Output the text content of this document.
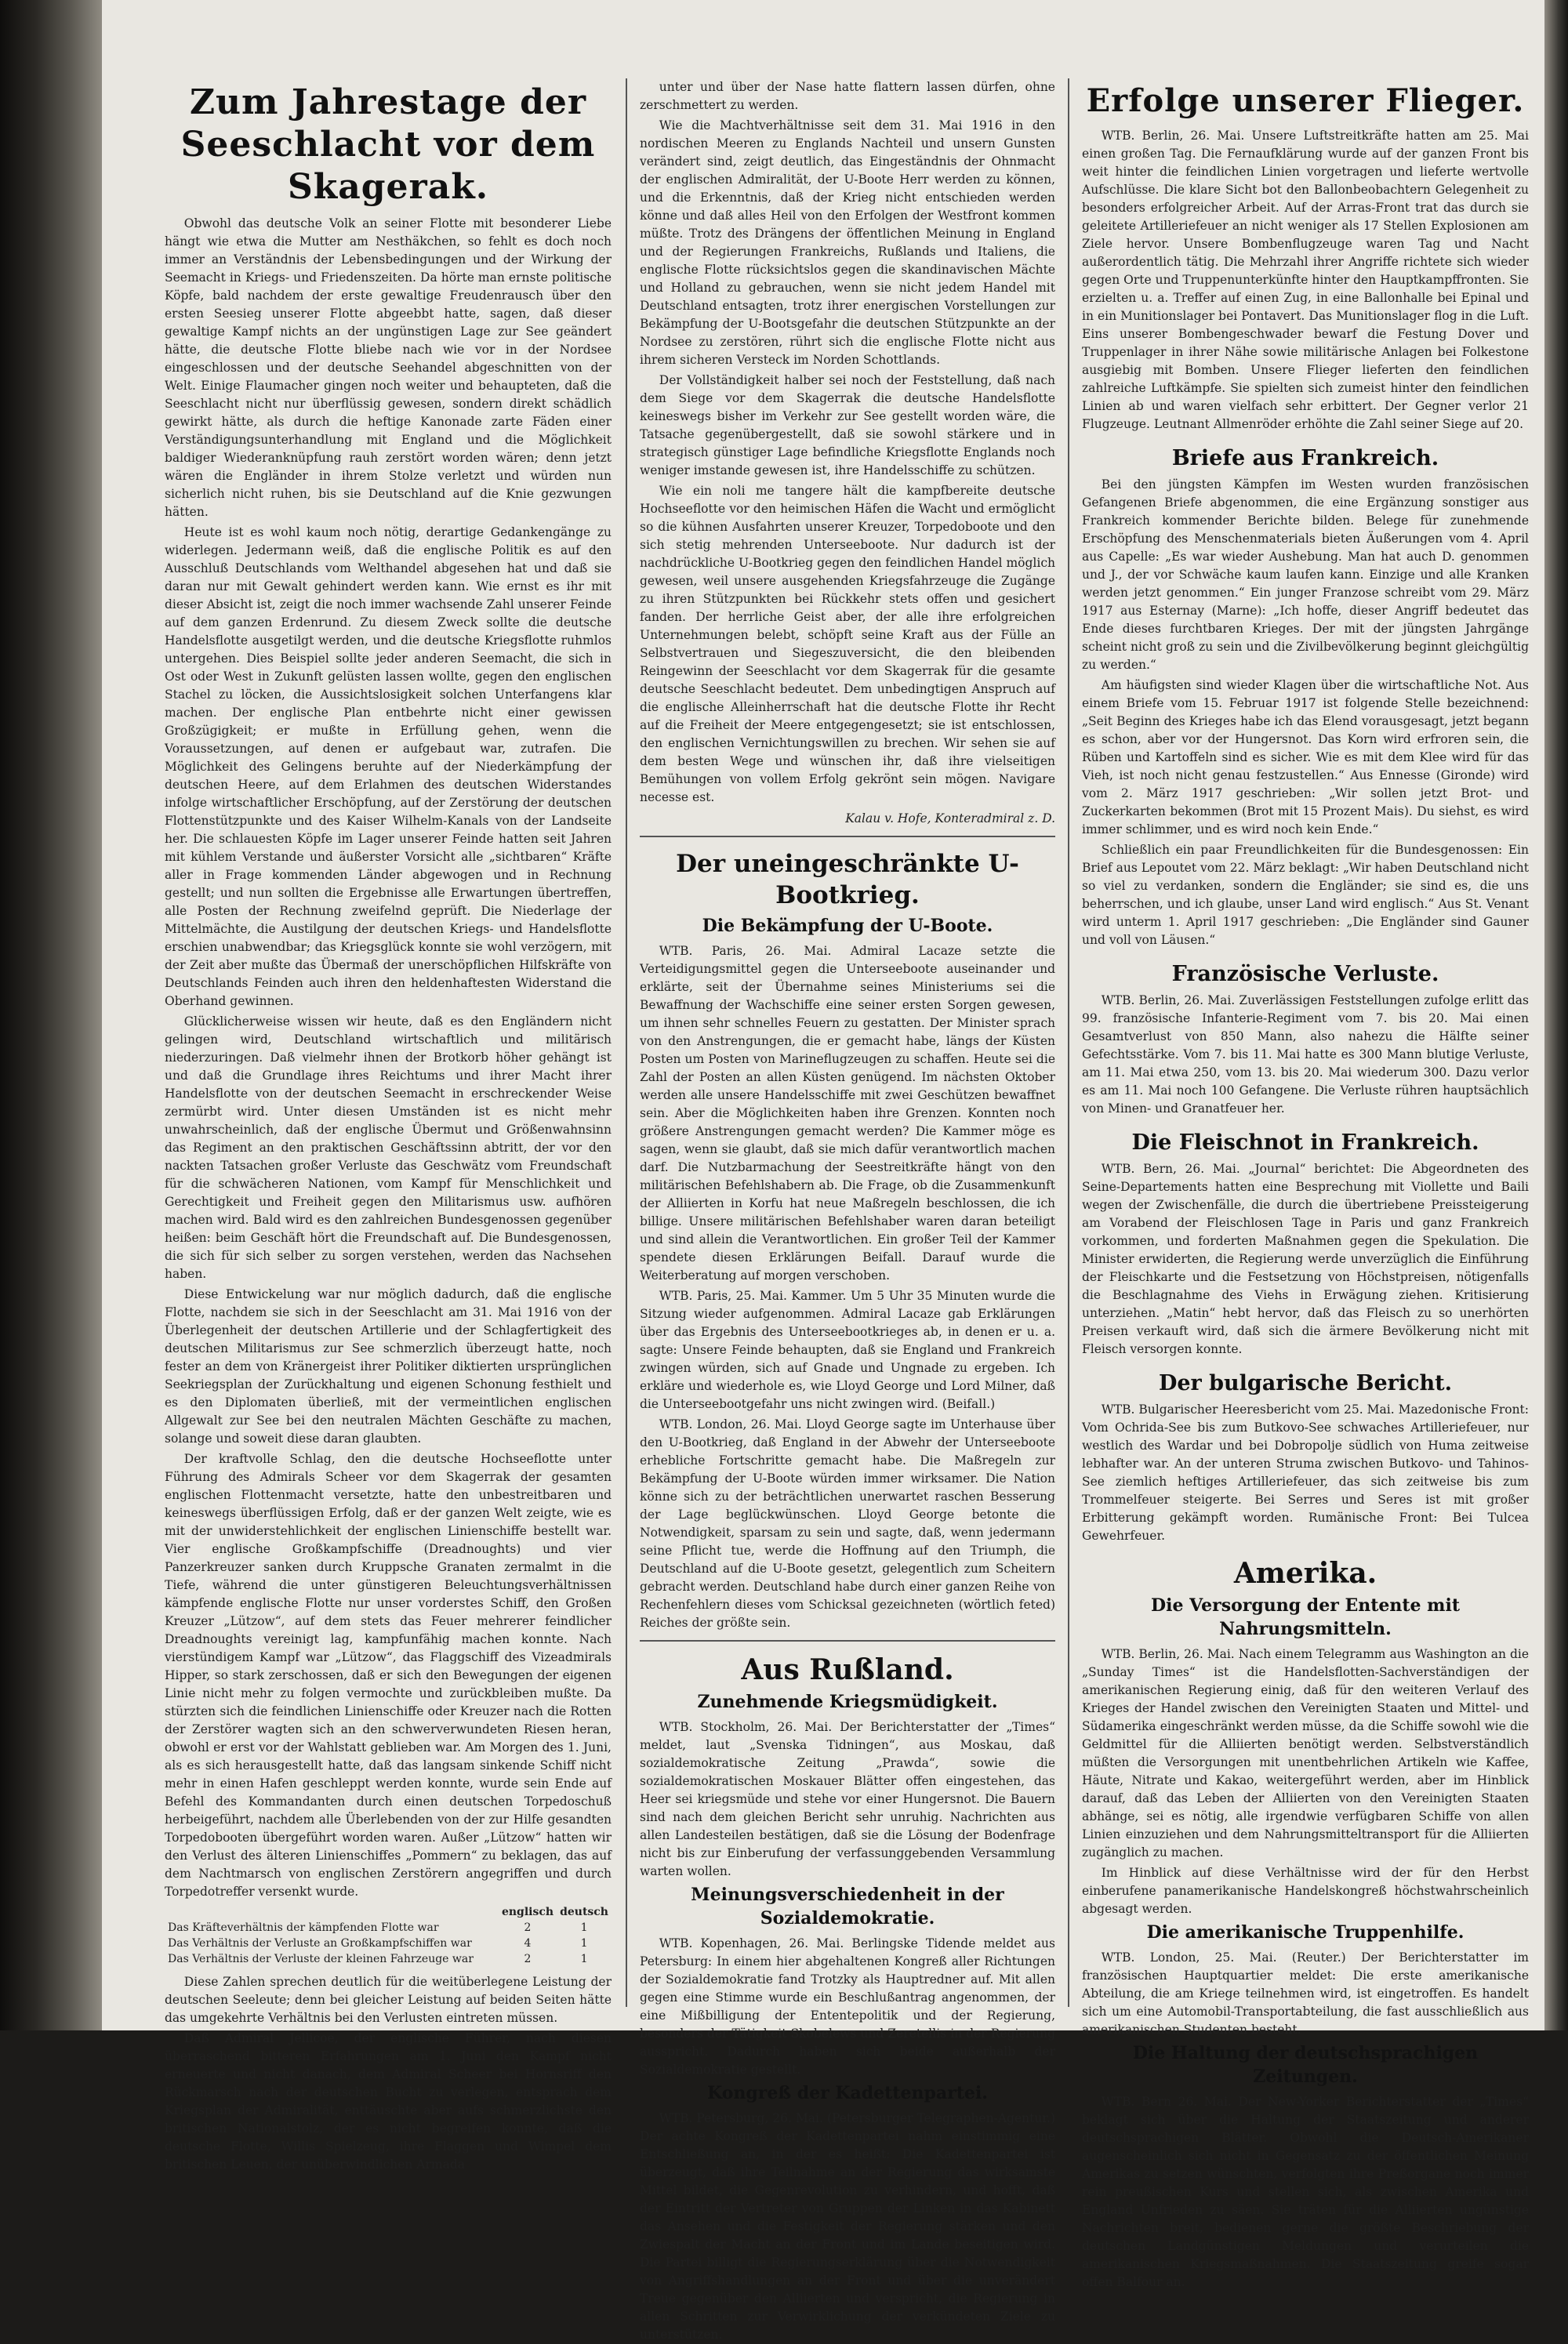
Zum Jahrestage der Seeschlacht vor dem Skagerak.

Obwohl das deutsche Volk an seiner Flotte mit besonderer Liebe hängt wie etwa die Mutter am Nesthäkchen, so fehlt es doch noch immer an Verständnis der Lebensbedingungen und der Wirkung der Seemacht in Kriegs- und Friedenszeiten. Da hörte man ernste politische Köpfe, bald nachdem der erste gewaltige Freudenrausch über den ersten Seesieg unserer Flotte abgeebbt hatte, sagen, daß dieser gewaltige Kampf nichts an der ungünstigen Lage zur See geändert hätte, die deutsche Flotte bliebe nach wie vor in der Nordsee eingeschlossen und der deutsche Seehandel abgeschnitten von der Welt. Einige Flaumacher gingen noch weiter und behaupteten, daß die Seeschlacht nicht nur überflüssig gewesen, sondern direkt schädlich gewirkt hätte, als durch die heftige Kanonade zarte Fäden einer Verständigungsunterhandlung mit England und die Möglichkeit baldiger Wiederanknüpfung rauh zerstört worden wären; denn jetzt wären die Engländer in ihrem Stolze verletzt und würden nun sicherlich nicht ruhen, bis sie Deutschland auf die Knie gezwungen hätten.

Heute ist es wohl kaum noch nötig, derartige Gedankengänge zu widerlegen. Jedermann weiß, daß die englische Politik es auf den Ausschluß Deutschlands vom Welthandel abgesehen hat und daß sie daran nur mit Gewalt gehindert werden kann. Wie ernst es ihr mit dieser Absicht ist, zeigt die noch immer wachsende Zahl unserer Feinde auf dem ganzen Erdenrund. Zu diesem Zweck sollte die deutsche Handelsflotte ausgetilgt werden, und die deutsche Kriegsflotte ruhmlos untergehen. Dies Beispiel sollte jeder anderen Seemacht, die sich in Ost oder West in Zukunft gelüsten lassen wollte, gegen den englischen Stachel zu löcken, die Aussichtslosigkeit solchen Unterfangens klar machen. Der englische Plan entbehrte nicht einer gewissen Großzügigkeit; er mußte in Erfüllung gehen, wenn die Voraussetzungen, auf denen er aufgebaut war, zutrafen. Die Möglichkeit des Gelingens beruhte auf der Niederkämpfung der deutschen Heere, auf dem Erlahmen des deutschen Widerstandes infolge wirtschaftlicher Erschöpfung, auf der Zerstörung der deutschen Flottenstützpunkte und des Kaiser Wilhelm-Kanals von der Landseite her. Die schlauesten Köpfe im Lager unserer Feinde hatten seit Jahren mit kühlem Verstande und äußerster Vorsicht alle „sichtbaren“ Kräfte aller in Frage kommenden Länder abgewogen und in Rechnung gestellt; und nun sollten die Ergebnisse alle Erwartungen übertreffen, alle Posten der Rechnung zweifelnd geprüft. Die Niederlage der Mittelmächte, die Austilgung der deutschen Kriegs- und Handelsflotte erschien unabwendbar; das Kriegsglück konnte sie wohl verzögern, mit der Zeit aber mußte das Übermaß der unerschöpflichen Hilfskräfte von Deutschlands Feinden auch ihren den heldenhaftesten Widerstand die Oberhand gewinnen.

Glücklicherweise wissen wir heute, daß es den Engländern nicht gelingen wird, Deutschland wirtschaftlich und militärisch niederzuringen. Daß vielmehr ihnen der Brotkorb höher gehängt ist und daß die Grundlage ihres Reichtums und ihrer Macht ihrer Handelsflotte von der deutschen Seemacht in erschreckender Weise zermürbt wird. Unter diesen Umständen ist es nicht mehr unwahrscheinlich, daß der englische Übermut und Größenwahnsinn das Regiment an den praktischen Geschäftssinn abtritt, der vor den nackten Tatsachen großer Verluste das Geschwätz vom Freundschaft für die schwächeren Nationen, vom Kampf für Menschlichkeit und Gerechtigkeit und Freiheit gegen den Militarismus usw. aufhören machen wird. Bald wird es den zahlreichen Bundesgenossen gegenüber heißen: beim Geschäft hört die Freundschaft auf. Die Bundesgenossen, die sich für sich selber zu sorgen verstehen, werden das Nachsehen haben.

Diese Entwickelung war nur möglich dadurch, daß die englische Flotte, nachdem sie sich in der Seeschlacht am 31. Mai 1916 von der Überlegenheit der deutschen Artillerie und der Schlagfertigkeit des deutschen Militarismus zur See schmerzlich überzeugt hatte, noch fester an dem von Kränergeist ihrer Politiker diktierten ursprünglichen Seekriegsplan der Zurückhaltung und eigenen Schonung festhielt und es den Diplomaten überließ, mit der vermeintlichen englischen Allgewalt zur See bei den neutralen Mächten Geschäfte zu machen, solange und soweit diese daran glaubten.

Der kraftvolle Schlag, den die deutsche Hochseeflotte unter Führung des Admirals Scheer vor dem Skagerrak der gesamten englischen Flottenmacht versetzte, hatte den unbestreitbaren und keineswegs überflüssigen Erfolg, daß er der ganzen Welt zeigte, wie es mit der unwiderstehlichkeit der englischen Linienschiffe bestellt war. Vier englische Großkampfschiffe (Dreadnoughts) und vier Panzerkreuzer sanken durch Kruppsche Granaten zermalmt in die Tiefe, während die unter günstigeren Beleuchtungsverhältnissen kämpfende englische Flotte nur unser vorderstes Schiff, den Großen Kreuzer „Lützow“, auf dem stets das Feuer mehrerer feindlicher Dreadnoughts vereinigt lag, kampfunfähig machen konnte. Nach vierstündigem Kampf war „Lützow“, das Flaggschiff des Vizeadmirals Hipper, so stark zerschossen, daß er sich den Bewegungen der eigenen Linie nicht mehr zu folgen vermochte und zurückbleiben mußte. Da stürzten sich die feindlichen Linienschiffe oder Kreuzer nach die Rotten der Zerstörer wagten sich an den schwerverwundeten Riesen heran, obwohl er erst vor der Wahlstatt geblieben war. Am Morgen des 1. Juni, als es sich herausgestellt hatte, daß das langsam sinkende Schiff nicht mehr in einen Hafen geschleppt werden konnte, wurde sein Ende auf Befehl des Kommandanten durch einen deutschen Torpedoschuß herbeigeführt, nachdem alle Überlebenden von der zur Hilfe gesandten Torpedobooten übergeführt worden waren. Außer „Lützow“ hatten wir den Verlust des älteren Linienschiffes „Pommern“ zu beklagen, das auf dem Nachtmarsch von englischen Zerstörern angegriffen und durch Torpedotreffer versenkt wurde.

	englisch	deutsch
Das Kräfteverhältnis der kämpfenden Flotte war	2	1
Das Verhältnis der Verluste an Großkampfschiffen war	4	1
Das Verhältnis der Verluste der kleinen Fahrzeuge war	2	1

Diese Zahlen sprechen deutlich für die weitüberlegene Leistung der deutschen Seeleute; denn bei gleicher Leistung auf beiden Seiten hätte das umgekehrte Verhältnis bei den Verlusten eintreten müssen.

Daß Admiral Jellicoe, der englische Führer, nach diesen überraschend bitteren Erfahrungen am 1. Juni den Kampf nicht erneuerte und nicht danach, dem Admiral Scheer bei Hornsriff den Rückmarsch nach der deutschen Bucht zu verlegen, entsprach dem Kriegsplan der Admiralität, enttäuschte aber aufs schmerzlichste den britischen Nationalstolz, der es nicht begreifen konnte, daß die deutsche Flotte, Willis Spielzeug, ihre Flaggen und Wimpel dem britischen Leuen, der unüberwindlichen Armada

unter und über der Nase hatte flattern lassen dürfen, ohne zerschmettert zu werden.

Wie die Machtverhältnisse seit dem 31. Mai 1916 in den nordischen Meeren zu Englands Nachteil und unsern Gunsten verändert sind, zeigt deutlich, das Eingeständnis der Ohnmacht der englischen Admiralität, der U-Boote Herr werden zu können, und die Erkenntnis, daß der Krieg nicht entschieden werden könne und daß alles Heil von den Erfolgen der Westfront kommen müßte. Trotz des Drängens der öffentlichen Meinung in England und der Regierungen Frankreichs, Rußlands und Italiens, die englische Flotte rücksichtslos gegen die skandinavischen Mächte und Holland zu gebrauchen, wenn sie nicht jedem Handel mit Deutschland entsagten, trotz ihrer energischen Vorstellungen zur Bekämpfung der U-Bootsgefahr die deutschen Stützpunkte an der Nordsee zu zerstören, rührt sich die englische Flotte nicht aus ihrem sicheren Versteck im Norden Schottlands.

Der Vollständigkeit halber sei noch der Feststellung, daß nach dem Siege vor dem Skagerrak die deutsche Handelsflotte keineswegs bisher im Verkehr zur See gestellt worden wäre, die Tatsache gegenübergestellt, daß sie sowohl stärkere und in strategisch günstiger Lage befindliche Kriegsflotte Englands noch weniger imstande gewesen ist, ihre Handelsschiffe zu schützen.

Wie ein noli me tangere hält die kampfbereite deutsche Hochseeflotte vor den heimischen Häfen die Wacht und ermöglicht so die kühnen Ausfahrten unserer Kreuzer, Torpedoboote und den sich stetig mehrenden Unterseeboote. Nur dadurch ist der nachdrückliche U-Bootkrieg gegen den feindlichen Handel möglich gewesen, weil unsere ausgehenden Kriegsfahrzeuge die Zugänge zu ihren Stützpunkten bei Rückkehr stets offen und gesichert fanden. Der herrliche Geist aber, der alle ihre erfolgreichen Unternehmungen belebt, schöpft seine Kraft aus der Fülle an Selbstvertrauen und Siegeszuversicht, die den bleibenden Reingewinn der Seeschlacht vor dem Skagerrak für die gesamte deutsche Seeschlacht bedeutet. Dem unbedingtigen Anspruch auf die englische Alleinherrschaft hat die deutsche Flotte ihr Recht auf die Freiheit der Meere entgegengesetzt; sie ist entschlossen, den englischen Vernichtungswillen zu brechen. Wir sehen sie auf dem besten Wege und wünschen ihr, daß ihre vielseitigen Bemühungen von vollem Erfolg gekrönt sein mögen. Navigare necesse est.

Kalau v. Hofe, Konteradmiral z. D.
Der uneingeschränkte U-Bootkrieg.
Die Bekämpfung der U-Boote.

WTB. Paris, 26. Mai. Admiral Lacaze setzte die Verteidigungsmittel gegen die Unterseeboote auseinander und erklärte, seit der Übernahme seines Ministeriums sei die Bewaffnung der Wachschiffe eine seiner ersten Sorgen gewesen, um ihnen sehr schnelles Feuern zu gestatten. Der Minister sprach von den Anstrengungen, die er gemacht habe, längs der Küsten Posten um Posten von Marineflugzeugen zu schaffen. Heute sei die Zahl der Posten an allen Küsten genügend. Im nächsten Oktober werden alle unsere Handelsschiffe mit zwei Geschützen bewaffnet sein. Aber die Möglichkeiten haben ihre Grenzen. Konnten noch größere Anstrengungen gemacht werden? Die Kammer möge es sagen, wenn sie glaubt, daß sie mich dafür verantwortlich machen darf. Die Nutzbarmachung der Seestreitkräfte hängt von den militärischen Befehlshabern ab. Die Frage, ob die Zusammenkunft der Alliierten in Korfu hat neue Maßregeln beschlossen, die ich billige. Unsere militärischen Befehlshaber waren daran beteiligt und sind allein die Verantwortlichen. Ein großer Teil der Kammer spendete diesen Erklärungen Beifall. Darauf wurde die Weiterberatung auf morgen verschoben.

WTB. Paris, 25. Mai. Kammer. Um 5 Uhr 35 Minuten wurde die Sitzung wieder aufgenommen. Admiral Lacaze gab Erklärungen über das Ergebnis des Unterseebootkrieges ab, in denen er u. a. sagte: Unsere Feinde behaupten, daß sie England und Frankreich zwingen würden, sich auf Gnade und Ungnade zu ergeben. Ich erkläre und wiederhole es, wie Lloyd George und Lord Milner, daß die Unterseebootgefahr uns nicht zwingen wird. (Beifall.)

WTB. London, 26. Mai. Lloyd George sagte im Unterhause über den U-Bootkrieg, daß England in der Abwehr der Unterseeboote erhebliche Fortschritte gemacht habe. Die Maßregeln zur Bekämpfung der U-Boote würden immer wirksamer. Die Nation könne sich zu der beträchtlichen unerwartet raschen Besserung der Lage beglückwünschen. Lloyd George betonte die Notwendigkeit, sparsam zu sein und sagte, daß, wenn jedermann seine Pflicht tue, werde die Hoffnung auf den Triumph, die Deutschland auf die U-Boote gesetzt, gelegentlich zum Scheitern gebracht werden. Deutschland habe durch einer ganzen Reihe von Rechenfehlern dieses vom Schicksal gezeichneten (wörtlich feted) Reiches der größte sein.

Aus Rußland.
Zunehmende Kriegsmüdigkeit.

WTB. Stockholm, 26. Mai. Der Berichterstatter der „Times“ meldet, laut „Svenska Tidningen“, aus Moskau, daß sozialdemokratische Zeitung „Prawda“, sowie die sozialdemokratischen Moskauer Blätter offen eingestehen, das Heer sei kriegsmüde und stehe vor einer Hungersnot. Die Bauern sind nach dem gleichen Bericht sehr unruhig. Nachrichten aus allen Landesteilen bestätigen, daß sie die Lösung der Bodenfrage nicht bis zur Einberufung der verfassunggebenden Versammlung warten wollen.

Meinungsverschiedenheit in der Sozialdemokratie.

WTB. Kopenhagen, 26. Mai. Berlingske Tidende meldet aus Petersburg: In einem hier abgehaltenen Kongreß aller Richtungen der Sozialdemokratie fand Trotzky als Hauptredner auf. Mit allen gegen eine Stimme wurde ein Beschlußantrag angenommen, der eine Mißbilligung der Ententepolitik und der Regierung, besonders der Tätigkeit Skobelews und Zeretellis in der Regierung ausspricht. Dadurch haben sich beide außerhalb der Sozialdemokratie gestellt.

Kongreß der Kadettenpartei.

WTB. Petersburg, 26. Mai. (Petersburger Telegraphen-Agentur.) Der achte Kongreß der Kadettenpartei nahm einstimmig eine Entschließung an, in der es heißt: Die Kadettenpartei ist überzeugt, daß ihre Teilnahme an der Regierung das wirksamste Mittel bildet, die Gegenrevolution zu verhindern, und hofft, daß der Eintritt der Vertreter von Gruppen der Linken in das Kabinett das Ansehen und die Festigkeit der Regierung stärken und den Zwiespalt der Macht an der Front und im Lande beseitigen wird. Die Partei billigt die Regierungserklärung über die Notwendigkeit von Angriffshandlungen an der Front und über die unverändert Treue gegenüber den Alliierten und verspricht, die Regierung in allen Schritten zur Verwirklichung der verkündeten Ziele zu unterstützen.

Erfolge unserer Flieger.

WTB. Berlin, 26. Mai. Unsere Luftstreitkräfte hatten am 25. Mai einen großen Tag. Die Fernaufklärung wurde auf der ganzen Front bis weit hinter die feindlichen Linien vorgetragen und lieferte wertvolle Aufschlüsse. Die klare Sicht bot den Ballonbeobachtern Gelegenheit zu besonders erfolgreicher Arbeit. Auf der Arras-Front trat das durch sie geleitete Artilleriefeuer an nicht weniger als 17 Stellen Explosionen am Ziele hervor. Unsere Bombenflugzeuge waren Tag und Nacht außerordentlich tätig. Die Mehrzahl ihrer Angriffe richtete sich wieder gegen Orte und Truppenunterkünfte hinter den Hauptkampffronten. Sie erzielten u. a. Treffer auf einen Zug, in eine Ballonhalle bei Epinal und in ein Munitionslager bei Pontavert. Das Munitionslager flog in die Luft. Eins unserer Bombengeschwader bewarf die Festung Dover und Truppenlager in ihrer Nähe sowie militärische Anlagen bei Folkestone ausgiebig mit Bomben. Unsere Flieger lieferten den feindlichen zahlreiche Luftkämpfe. Sie spielten sich zumeist hinter den feindlichen Linien ab und waren vielfach sehr erbittert. Der Gegner verlor 21 Flugzeuge. Leutnant Allmenröder erhöhte die Zahl seiner Siege auf 20.

Briefe aus Frankreich.

Bei den jüngsten Kämpfen im Westen wurden französischen Gefangenen Briefe abgenommen, die eine Ergänzung sonstiger aus Frankreich kommender Berichte bilden. Belege für zunehmende Erschöpfung des Menschenmaterials bieten Äußerungen vom 4. April aus Capelle: „Es war wieder Aushebung. Man hat auch D. genommen und J., der vor Schwäche kaum laufen kann. Einzige und alle Kranken werden jetzt genommen.“ Ein junger Franzose schreibt vom 29. März 1917 aus Esternay (Marne): „Ich hoffe, dieser Angriff bedeutet das Ende dieses furchtbaren Krieges. Der mit der jüngsten Jahrgänge scheint nicht groß zu sein und die Zivilbevölkerung beginnt gleichgültig zu werden.“

Am häufigsten sind wieder Klagen über die wirtschaftliche Not. Aus einem Briefe vom 15. Februar 1917 ist folgende Stelle bezeichnend: „Seit Beginn des Krieges habe ich das Elend vorausgesagt, jetzt begann es schon, aber vor der Hungersnot. Das Korn wird erfroren sein, die Rüben und Kartoffeln sind es sicher. Wie es mit dem Klee wird für das Vieh, ist noch nicht genau festzustellen.“ Aus Ennesse (Gironde) wird vom 2. März 1917 geschrieben: „Wir sollen jetzt Brot- und Zuckerkarten bekommen (Brot mit 15 Prozent Mais). Du siehst, es wird immer schlimmer, und es wird noch kein Ende.“

Schließlich ein paar Freundlichkeiten für die Bundesgenossen: Ein Brief aus Lepoutet vom 22. März beklagt: „Wir haben Deutschland nicht so viel zu verdanken, sondern die Engländer; sie sind es, die uns beherrschen, und ich glaube, unser Land wird englisch.“ Aus St. Venant wird unterm 1. April 1917 geschrieben: „Die Engländer sind Gauner und voll von Läusen.“

Französische Verluste.

WTB. Berlin, 26. Mai. Zuverlässigen Feststellungen zufolge erlitt das 99. französische Infanterie-Regiment vom 7. bis 20. Mai einen Gesamtverlust von 850 Mann, also nahezu die Hälfte seiner Gefechtsstärke. Vom 7. bis 11. Mai hatte es 300 Mann blutige Verluste, am 11. Mai etwa 250, vom 13. bis 20. Mai wiederum 300. Dazu verlor es am 11. Mai noch 100 Gefangene. Die Verluste rühren hauptsächlich von Minen- und Granatfeuer her.

Die Fleischnot in Frankreich.

WTB. Bern, 26. Mai. „Journal“ berichtet: Die Abgeordneten des Seine-Departements hatten eine Besprechung mit Viollette und Baili wegen der Zwischenfälle, die durch die übertriebene Preissteigerung am Vorabend der Fleischlosen Tage in Paris und ganz Frankreich vorkommen, und forderten Maßnahmen gegen die Spekulation. Die Minister erwiderten, die Regierung werde unverzüglich die Einführung der Fleischkarte und die Festsetzung von Höchstpreisen, nötigenfalls die Beschlagnahme des Viehs in Erwägung ziehen. Kritisierung unterziehen. „Matin“ hebt hervor, daß das Fleisch zu so unerhörten Preisen verkauft wird, daß sich die ärmere Bevölkerung nicht mit Fleisch versorgen konnte.

Der bulgarische Bericht.

WTB. Bulgarischer Heeresbericht vom 25. Mai. Mazedonische Front: Vom Ochrida-See bis zum Butkovo-See schwaches Artilleriefeuer, nur westlich des Wardar und bei Dobropolje südlich von Huma zeitweise lebhafter war. An der unteren Struma zwischen Butkovo- und Tahinos-See ziemlich heftiges Artilleriefeuer, das sich zeitweise bis zum Trommelfeuer steigerte. Bei Serres und Seres ist mit großer Erbitterung gekämpft worden. Rumänische Front: Bei Tulcea Gewehrfeuer.

Amerika.
Die Versorgung der Entente mit Nahrungsmitteln.

WTB. Berlin, 26. Mai. Nach einem Telegramm aus Washington an die „Sunday Times“ ist die Handelsflotten-Sachverständigen der amerikanischen Regierung einig, daß für den weiteren Verlauf des Krieges der Handel zwischen den Vereinigten Staaten und Mittel- und Südamerika eingeschränkt werden müsse, da die Schiffe sowohl wie die Geldmittel für die Alliierten benötigt werden. Selbstverständlich müßten die Versorgungen mit unentbehrlichen Artikeln wie Kaffee, Häute, Nitrate und Kakao, weitergeführt werden, aber im Hinblick darauf, daß das Leben der Alliierten von den Vereinigten Staaten abhänge, sei es nötig, alle irgendwie verfügbaren Schiffe von allen Linien einzuziehen und dem Nahrungsmitteltransport für die Alliierten zugänglich zu machen.

Im Hinblick auf diese Verhältnisse wird der für den Herbst einberufene panamerikanische Handelskongreß höchstwahrscheinlich abgesagt werden.

Die amerikanische Truppenhilfe.

WTB. London, 25. Mai. (Reuter.) Der Berichterstatter im französischen Hauptquartier meldet: Die erste amerikanische Abteilung, die am Kriege teilnehmen wird, ist eingetroffen. Es handelt sich um eine Automobil-Transportabteilung, die fast ausschließlich aus amerikanischen Studenten besteht.

Die Haltung der deutschsprachigen Zeitungen.

WTB. Bern 26. Mai. Der New-Yorker Berichterstatter der „Times“ beklagt sich über die Haltung der Staatszeitung und anderer deutschsprachigen Blätter. Obwohl die Deutsch-Amerikaner augenscheinlich sich nicht in Gegensatz zu der öffentlichen Meinung Amerikas zu setzen wünschten, verfolgten ihre Preßorgane noch immer rein preußischen Kurs und stellen sich, als zwischen Amerika und England Unfrieden zu säen. Sie träten für die Alliierten ungünstige Nachrichten breit, bedienen gerne die größte Beschriebung der deutschen Landgünstigen Meldungen und verurteilen die amerikanischen Kriegsmaßnahmen. Die Staatszeitung greife sogar offen Balfour an.
